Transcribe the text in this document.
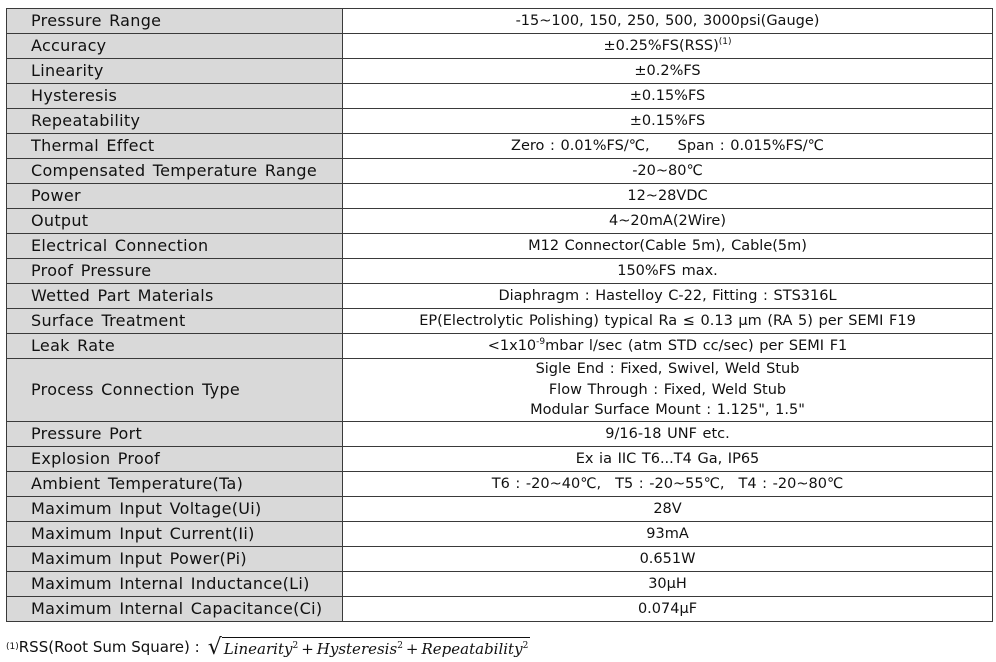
Pressure Range	-15~100, 150, 250, 500, 3000psi(Gauge)
Accuracy	±0.25%FS(RSS)$^{(1)}$
Linearity	±0.2%FS
Hysteresis	±0.15%FS
Repeatability	±0.15%FS
Thermal Effect	Zero : 0.01%FS/℃, Span : 0.015%FS/℃
Compensated Temperature Range	-20~80℃
Power	12~28VDC
Output	4~20mA(2Wire)
Electrical Connection	M12 Connector(Cable 5m), Cable(5m)
Proof Pressure	150%FS max.
Wetted Part Materials	Diaphragm : Hastelloy C-22, Fitting : STS316L
Surface Treatment	EP(Electrolytic Polishing) typical Ra ≤ 0.13 μm (RA 5) per SEMI F19
Leak Rate	$<1x10^{-9}mbar$ l/sec (atm STD cc/sec) per SEMI F1
Process Connection Type	Sigle End : Fixed, Swivel, Weld Stub
Flow Through : Fixed, Weld Stub
Modular Surface Mount : 1.125", 1.5"

Pressure Port	9/16-18 UNF etc.
Explosion Proof	Ex ia IIC T6...T4 Ga, IP65
Ambient Temperature(Ta)	T6 : -20~40℃, T5 : -20~55℃, T4 : -20~80℃
Maximum Input Voltage(Ui)	28V
Maximum Input Current(Ii)	93mA
Maximum Input Power(Pi)	0.651W
Maximum Internal Inductance(Li)	30μH
Maximum Internal Capacitance(Ci)	0.074μF
(1) RSS(Root Sum Square) : √ Linearity$^2$ + Hysteresis$^2$ + Repeatability$^2$
